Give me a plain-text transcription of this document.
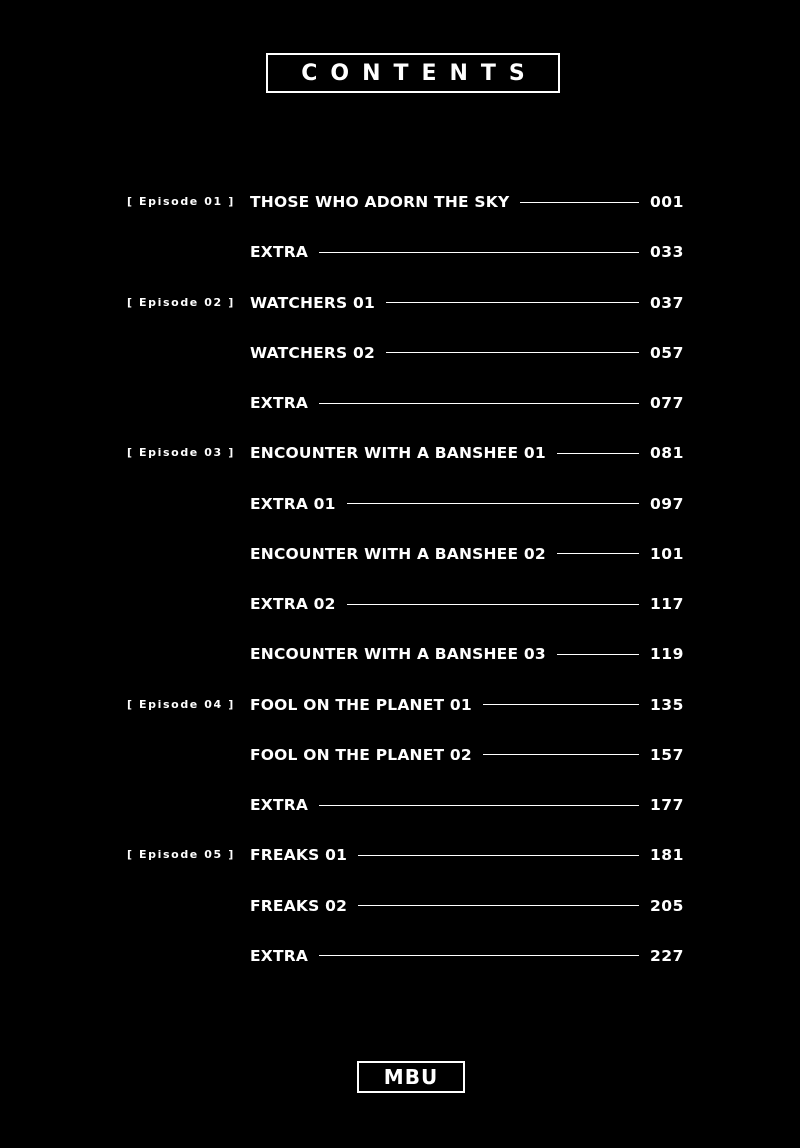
CONTENTS
[ Episode 01 ] THOSE WHO ADORN THE SKY	001
EXTRA	033
[ Episode 02 ] WATCHERS 01	037
WATCHERS 02	057
EXTRA	077
[ Episode 03 ] ENCOUNTER WITH A BANSHEE 01	081
EXTRA 01	097
ENCOUNTER WITH A BANSHEE 02	101
EXTRA 02	117
ENCOUNTER WITH A BANSHEE 03	119
[ Episode 04 ] FOOL ON THE PLANET 01	135
FOOL ON THE PLANET 02	157
EXTRA	177
[ Episode 05 ] FREAKS 01	181
FREAKS 02	205
EXTRA	227
MBU
